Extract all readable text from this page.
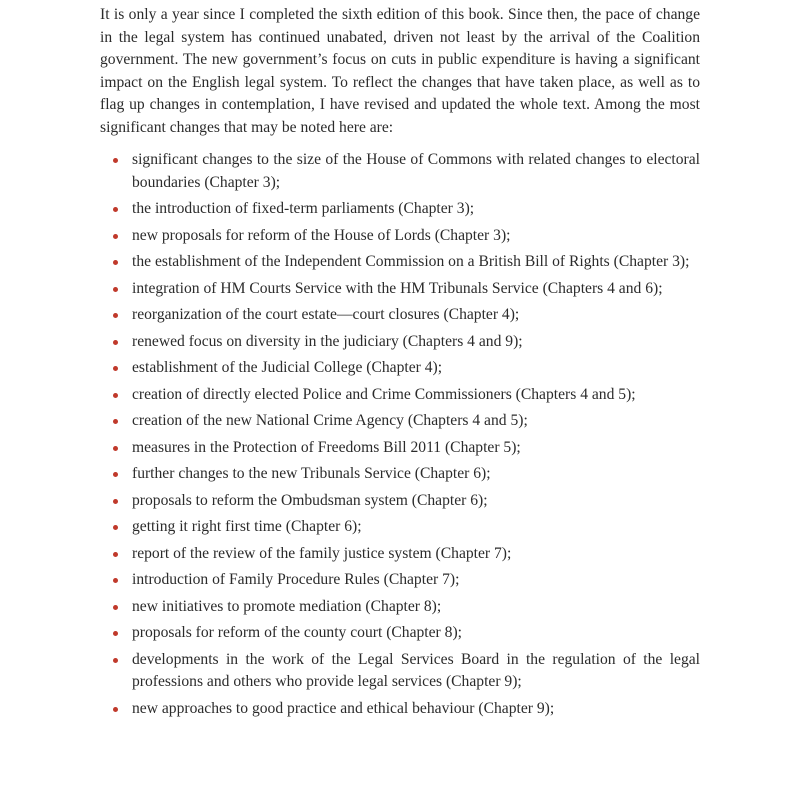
It is only a year since I completed the sixth edition of this book. Since then, the pace of change in the legal system has continued unabated, driven not least by the arrival of the Coalition government. The new government’s focus on cuts in public expenditure is having a significant impact on the English legal system. To reflect the changes that have taken place, as well as to flag up changes in contemplation, I have revised and updated the whole text. Among the most significant changes that may be noted here are:

significant changes to the size of the House of Commons with related changes to electoral boundaries (Chapter 3);
the introduction of fixed-term parliaments (Chapter 3);
new proposals for reform of the House of Lords (Chapter 3);
the establishment of the Independent Commission on a British Bill of Rights (Chapter 3);
integration of HM Courts Service with the HM Tribunals Service (Chapters 4 and 6);
reorganization of the court estate—court closures (Chapter 4);
renewed focus on diversity in the judiciary (Chapters 4 and 9);
establishment of the Judicial College (Chapter 4);
creation of directly elected Police and Crime Commissioners (Chapters 4 and 5);
creation of the new National Crime Agency (Chapters 4 and 5);
measures in the Protection of Freedoms Bill 2011 (Chapter 5);
further changes to the new Tribunals Service (Chapter 6);
proposals to reform the Ombudsman system (Chapter 6);
getting it right first time (Chapter 6);
report of the review of the family justice system (Chapter 7);
introduction of Family Procedure Rules (Chapter 7);
new initiatives to promote mediation (Chapter 8);
proposals for reform of the county court (Chapter 8);
developments in the work of the Legal Services Board in the regulation of the legal professions and others who provide legal services (Chapter 9);
new approaches to good practice and ethical behaviour (Chapter 9);
